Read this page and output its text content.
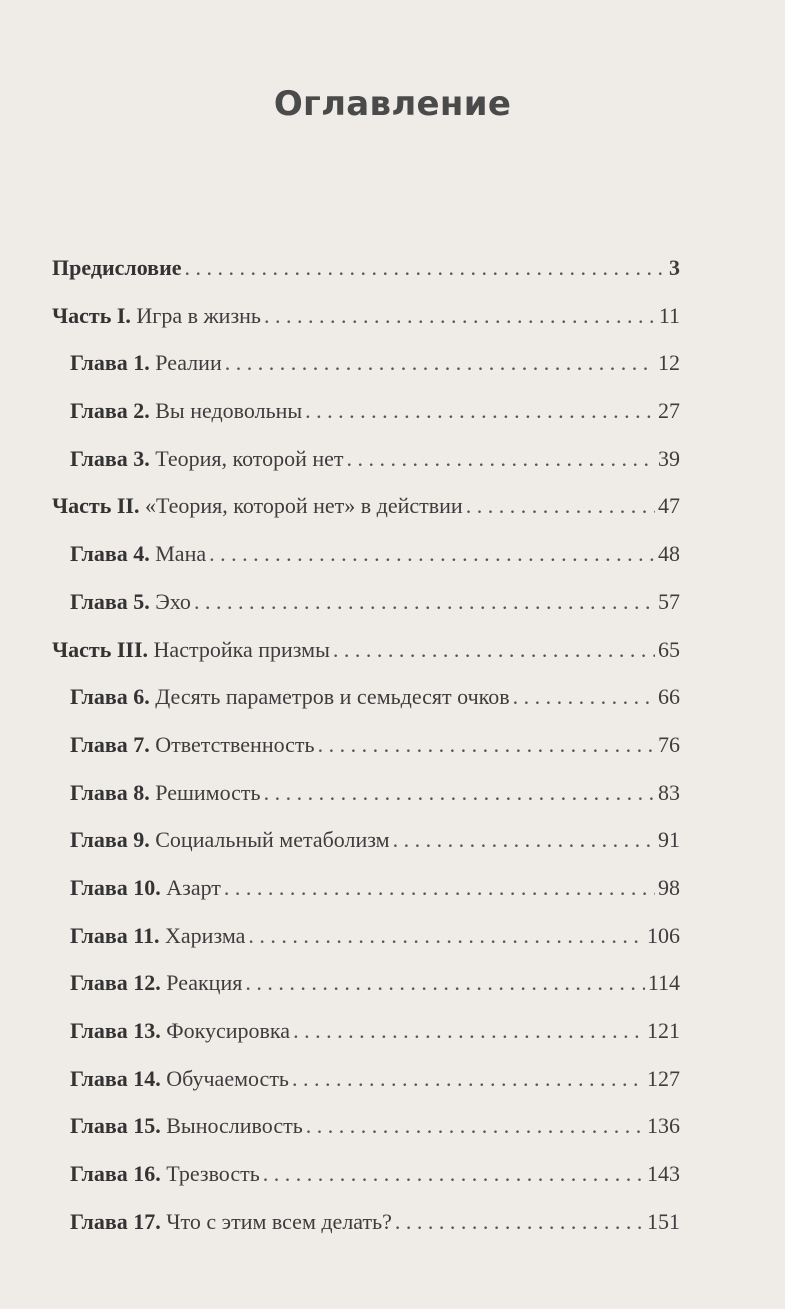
Оглавление
Предисловие . . .	3
Часть I. Игра в жизнь . . .	11
Глава 1. Реалии . . .	12
Глава 2. Вы недовольны . . .	27
Глава 3. Теория, которой нет . . .	39
Часть II. «Теория, которой нет» в действии . . .	47
Глава 4. Мана . . .	48
Глава 5. Эхо . . .	57
Часть III. Настройка призмы . . .	65
Глава 6. Десять параметров и семьдесят очков . . .	66
Глава 7. Ответственность . . .	76
Глава 8. Решимость . . .	83
Глава 9. Социальный метаболизм . . .	91
Глава 10. Азарт . . .	98
Глава 11. Харизма . . .	106
Глава 12. Реакция . . .	114
Глава 13. Фокусировка . . .	121
Глава 14. Обучаемость . . .	127
Глава 15. Выносливость . . .	136
Глава 16. Трезвость . . .	143
Глава 17. Что с этим всем делать? . . .	151
